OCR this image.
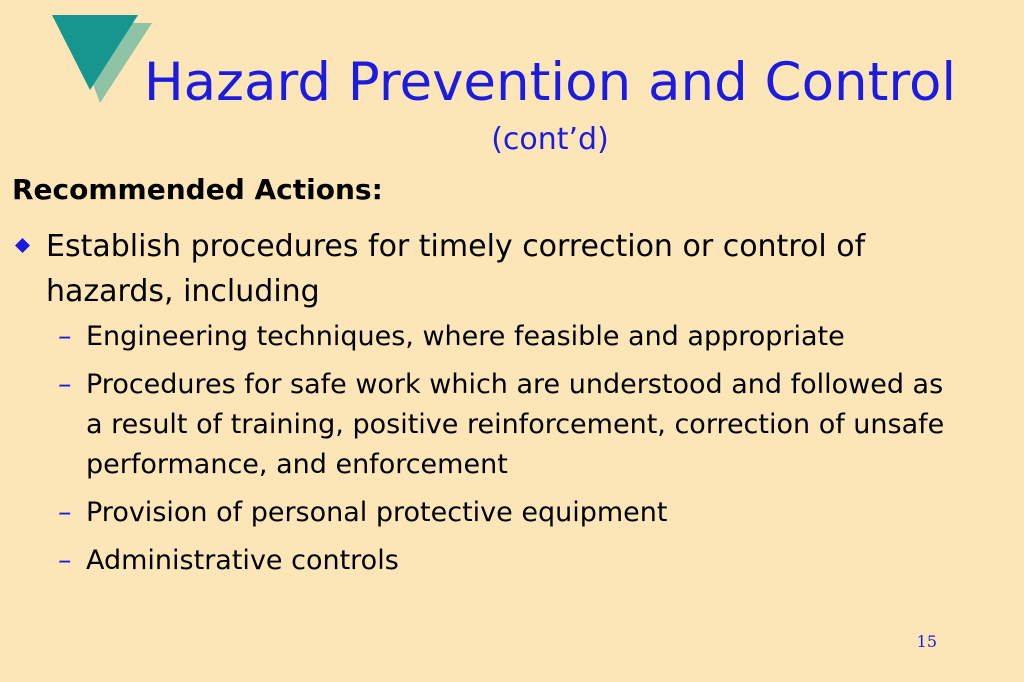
Hazard Prevention and Control
(cont’d)
Recommended Actions:
Establish procedures for timely correction or control of hazards, including
– Engineering techniques, where feasible and appropriate
– Procedures for safe work which are understood and followed as a result of training, positive reinforcement, correction of unsafe performance, and enforcement
– Provision of personal protective equipment
– Administrative controls
15
